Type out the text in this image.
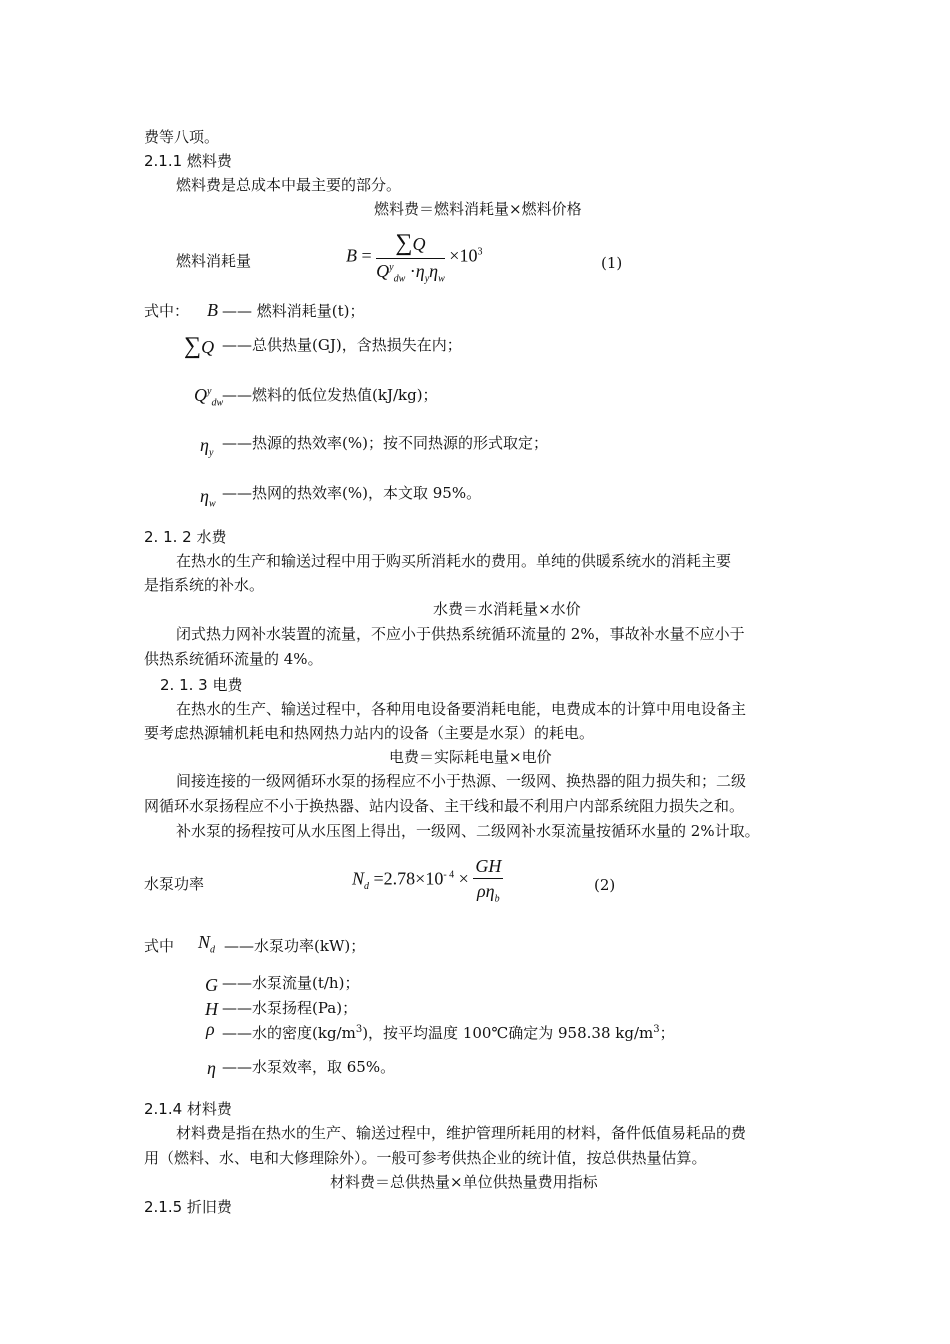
费等八项。
2.1.1 燃料费
燃料费是总成本中最主要的部分。
燃料费＝燃料消耗量×燃料价格
燃料消耗量	$B = \frac{\sum Q}{Q^y_{dw} \cdot\eta_y\eta_w} \times 10^3$
(1)
式中： B —— 燃料消耗量(t)；
∑Q ——总供热量(GJ)，含热损失在内；
$Q^y_{dw}$
——燃料的低位发热值(kJ/kg)；
$\eta_y$
——热源的热效率(%)；按不同热源的形式取定；
$\eta_w$
——热网的热效率(%)，本文取 95%。
2. 1. 2 水费
在热水的生产和输送过程中用于购买所消耗水的费用。单纯的供暖系统水的消耗主要
是指系统的补水。
水费＝水消耗量×水价
闭式热力网补水装置的流量，不应小于供热系统循环流量的 2%，事故补水量不应小于
供热系统循环流量的 4%。
2. 1. 3 电费
在热水的生产、输送过程中，各种用电设备要消耗电能，电费成本的计算中用电设备主
要考虑热源辅机耗电和热网热力站内的设备（主要是水泵）的耗电。
电费＝实际耗电量×电价
间接连接的一级网循环水泵的扬程应不小于热源、一级网、换热器的阻力损失和；二级
网循环水泵扬程应不小于换热器、站内设备、主干线和最不利用户内部系统阻力损失之和。
补水泵的扬程按可从水压图上得出，一级网、二级网补水泵流量按循环水量的 2%计取。
水泵功率	$N_d =2.78\times 10^{- 4} \times \frac{GH}{\rho\eta_b}$	(2)
式中 $N_d$ ——水泵功率(kW)；
G ——水泵流量(t/h)；
H ——水泵扬程(Pa)；
ρ ——水的密度$(kg/m^3)$，按平均温度 100℃确定为 958.38 $kg/m^3$；
η ——水泵效率，取 65%。
2.1.4 材料费
材料费是指在热水的生产、输送过程中，维护管理所耗用的材料，备件低值易耗品的费
用（燃料、水、电和大修理除外）。一般可参考供热企业的统计值，按总供热量估算。
材料费＝总供热量×单位供热量费用指标
2.1.5 折旧费
